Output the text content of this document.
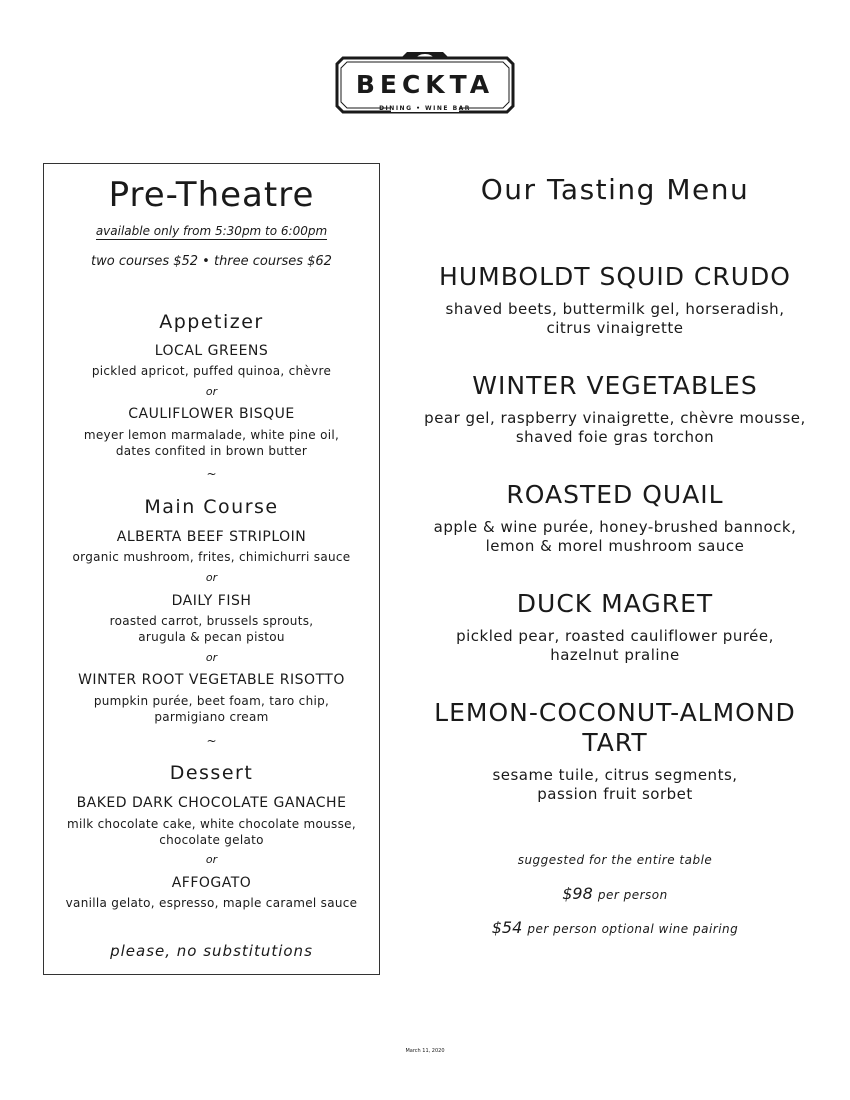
BECKTA
DINING • WINE BAR
Pre-Theatre
available only from 5:30pm to 6:00pm
two courses $52 • three courses $62
Appetizer
LOCAL GREENS
pickled apricot, puffed quinoa, chèvre
or
CAULIFLOWER BISQUE
meyer lemon marmalade, white pine oil,
dates confited in brown butter
~
Main Course
ALBERTA BEEF STRIPLOIN
organic mushroom, frites, chimichurri sauce
or
DAILY FISH
roasted carrot, brussels sprouts,
arugula & pecan pistou
or
WINTER ROOT VEGETABLE RISOTTO
pumpkin purée, beet foam, taro chip,
parmigiano cream
~
Dessert
BAKED DARK CHOCOLATE GANACHE
milk chocolate cake, white chocolate mousse,
chocolate gelato
or
AFFOGATO
vanilla gelato, espresso, maple caramel sauce
please, no substitutions
Our Tasting Menu
HUMBOLDT SQUID CRUDO
shaved beets, buttermilk gel, horseradish,
citrus vinaigrette
WINTER VEGETABLES
pear gel, raspberry vinaigrette, chèvre mousse,
shaved foie gras torchon
ROASTED QUAIL
apple & wine purée, honey-brushed bannock,
lemon & morel mushroom sauce
DUCK MAGRET
pickled pear, roasted cauliflower purée,
hazelnut praline
LEMON-COCONUT-ALMOND
TART
sesame tuile, citrus segments,
passion fruit sorbet
suggested for the entire table
$98 per person
$54 per person optional wine pairing
March 11, 2020
